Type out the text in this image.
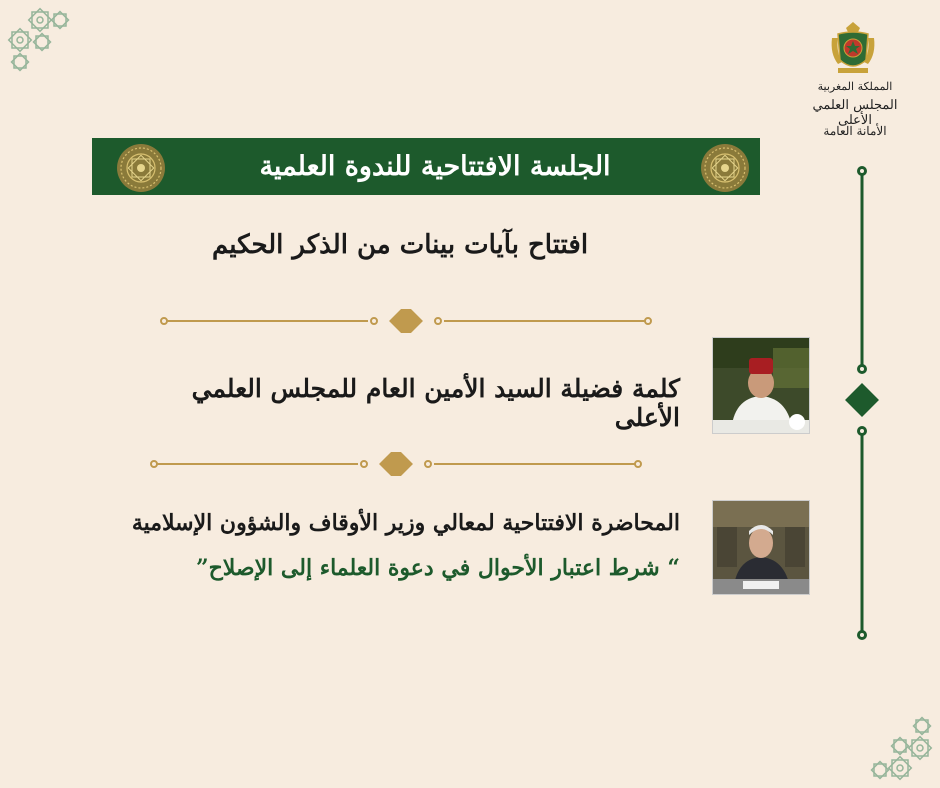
المملكة المغربية
المجلس العلمي الأعلى
الأمانة العامة
الجلسة الافتتاحية للندوة العلمية
افتتاح بآيات بينات من الذكر الحكيم
كلمة فضيلة السيد الأمين العام للمجلس العلمي الأعلى
المحاضرة الافتتاحية لمعالي وزير الأوقاف والشؤون الإسلامية
“ شرط اعتبار الأحوال في دعوة العلماء إلى الإصلاح”
